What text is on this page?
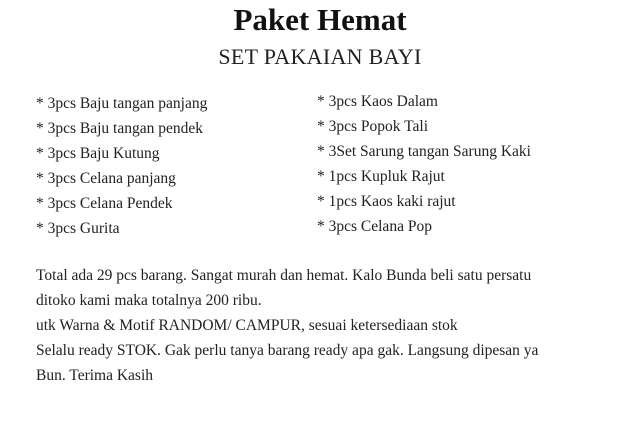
Paket Hemat
SET PAKAIAN BAYI
* 3pcs Baju tangan panjang
* 3pcs Baju tangan pendek
* 3pcs Baju Kutung
* 3pcs Celana panjang
* 3pcs Celana Pendek
* 3pcs Gurita
* 3pcs Kaos Dalam
* 3pcs Popok Tali
* 3Set Sarung tangan Sarung Kaki
* 1pcs Kupluk Rajut
* 1pcs Kaos kaki rajut
* 3pcs Celana Pop

Total ada 29 pcs barang. Sangat murah dan hemat. Kalo Bunda beli satu persatu

ditoko kami maka totalnya 200 ribu.

utk Warna & Motif RANDOM/ CAMPUR, sesuai ketersediaan stok

Selalu ready STOK. Gak perlu tanya barang ready apa gak. Langsung dipesan ya

Bun. Terima Kasih
